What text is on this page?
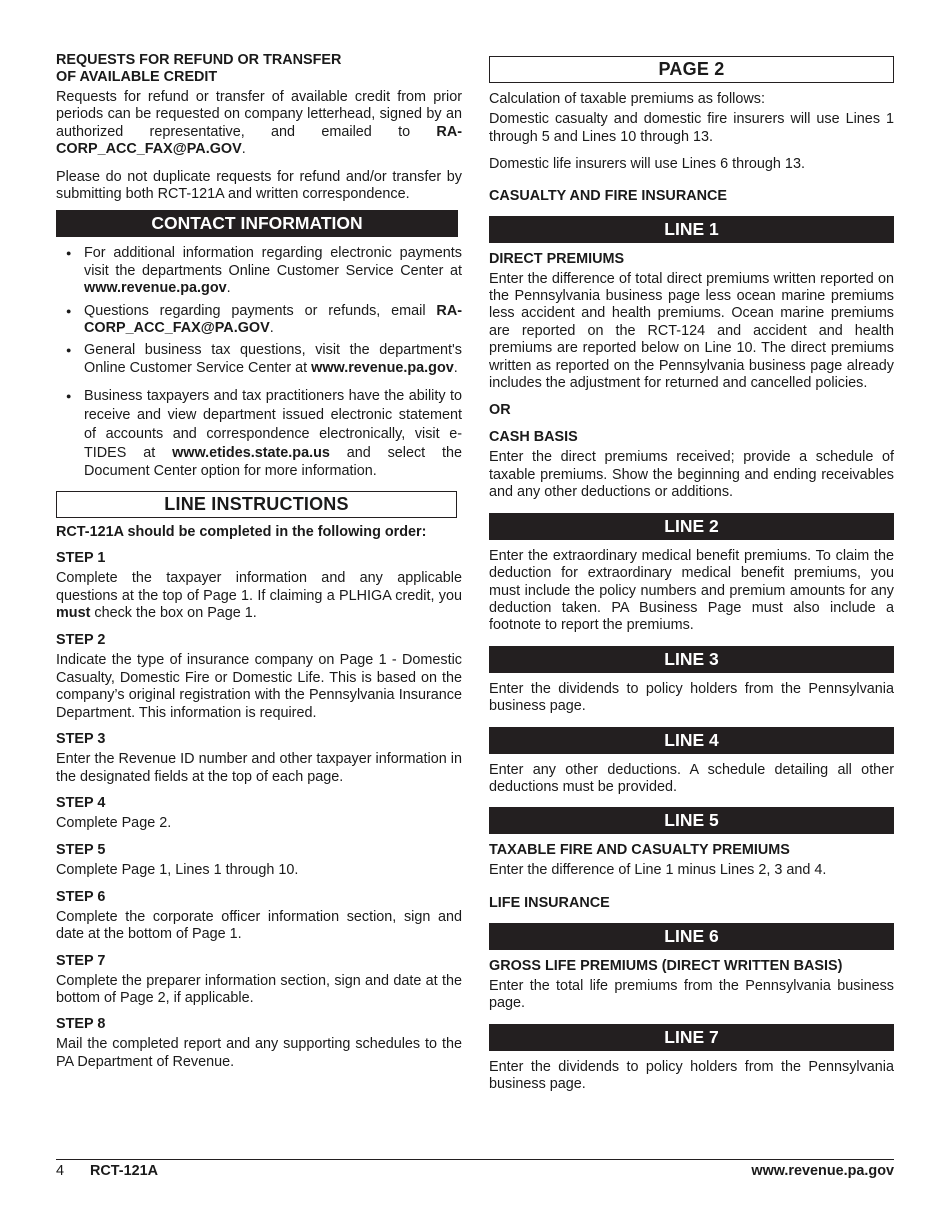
REQUESTS FOR REFUND OR TRANSFER
OF AVAILABLE CREDIT

Requests for refund or transfer of available credit from prior periods can be requested on company letterhead, signed by an authorized representative, and emailed to RA-CORP_ACC_FAX@PA.GOV.

Please do not duplicate requests for refund and/or transfer by submitting both RCT-121A and written correspondence.

CONTACT INFORMATION
● For additional information regarding electronic payments visit the departments Online Customer Service Center at www.revenue.pa.gov.
● Questions regarding payments or refunds, email RA-CORP_ACC_FAX@PA.GOV.
● General business tax questions, visit the department's Online Customer Service Center at www.revenue.pa.gov.
● Business taxpayers and tax practitioners have the ability to receive and view department issued electronic statement of accounts and correspondence electronically, visit e-TIDES at www.etides.state.pa.us and select the Document Center option for more information.
LINE INSTRUCTIONS

RCT-121A should be completed in the following order:

STEP 1

Complete the taxpayer information and any applicable questions at the top of Page 1. If claiming a PLHIGA credit, you must check the box on Page 1.

STEP 2

Indicate the type of insurance company on Page 1 - Domestic Casualty, Domestic Fire or Domestic Life. This is based on the company’s original registration with the Pennsylvania Insurance Department. This information is required.

STEP 3

Enter the Revenue ID number and other taxpayer information in the designated fields at the top of each page.

STEP 4

Complete Page 2.

STEP 5

Complete Page 1, Lines 1 through 10.

STEP 6

Complete the corporate officer information section, sign and date at the bottom of Page 1.

STEP 7

Complete the preparer information section, sign and date at the bottom of Page 2, if applicable.

STEP 8

Mail the completed report and any supporting schedules to the PA Department of Revenue.

PAGE 2

Calculation of taxable premiums as follows:

Domestic casualty and domestic fire insurers will use Lines 1 through 5 and Lines 10 through 13.

Domestic life insurers will use Lines 6 through 13.

CASUALTY AND FIRE INSURANCE

LINE 1

DIRECT PREMIUMS

Enter the difference of total direct premiums written reported on the Pennsylvania business page less ocean marine premiums less accident and health premiums. Ocean marine premiums are reported on the RCT-124 and accident and health premiums are reported below on Line 10. The direct premiums written as reported on the Pennsylvania business page already includes the adjustment for returned and cancelled policies.

OR

CASH BASIS

Enter the direct premiums received; provide a schedule of taxable premiums. Show the beginning and ending receivables and any other deductions or additions.

LINE 2

Enter the extraordinary medical benefit premiums. To claim the deduction for extraordinary medical benefit premiums, you must include the policy numbers and premium amounts for any deduction taken. PA Business Page must also include a footnote to report the premiums.

LINE 3

Enter the dividends to policy holders from the Pennsylvania business page.

LINE 4

Enter any other deductions. A schedule detailing all other deductions must be provided.

LINE 5

TAXABLE FIRE AND CASUALTY PREMIUMS

Enter the difference of Line 1 minus Lines 2, 3 and 4.

LIFE INSURANCE

LINE 6

GROSS LIFE PREMIUMS (DIRECT WRITTEN BASIS)

Enter the total life premiums from the Pennsylvania business page.

LINE 7

Enter the dividends to policy holders from the Pennsylvania business page.

4 RCT-121A	www.revenue.pa.gov
